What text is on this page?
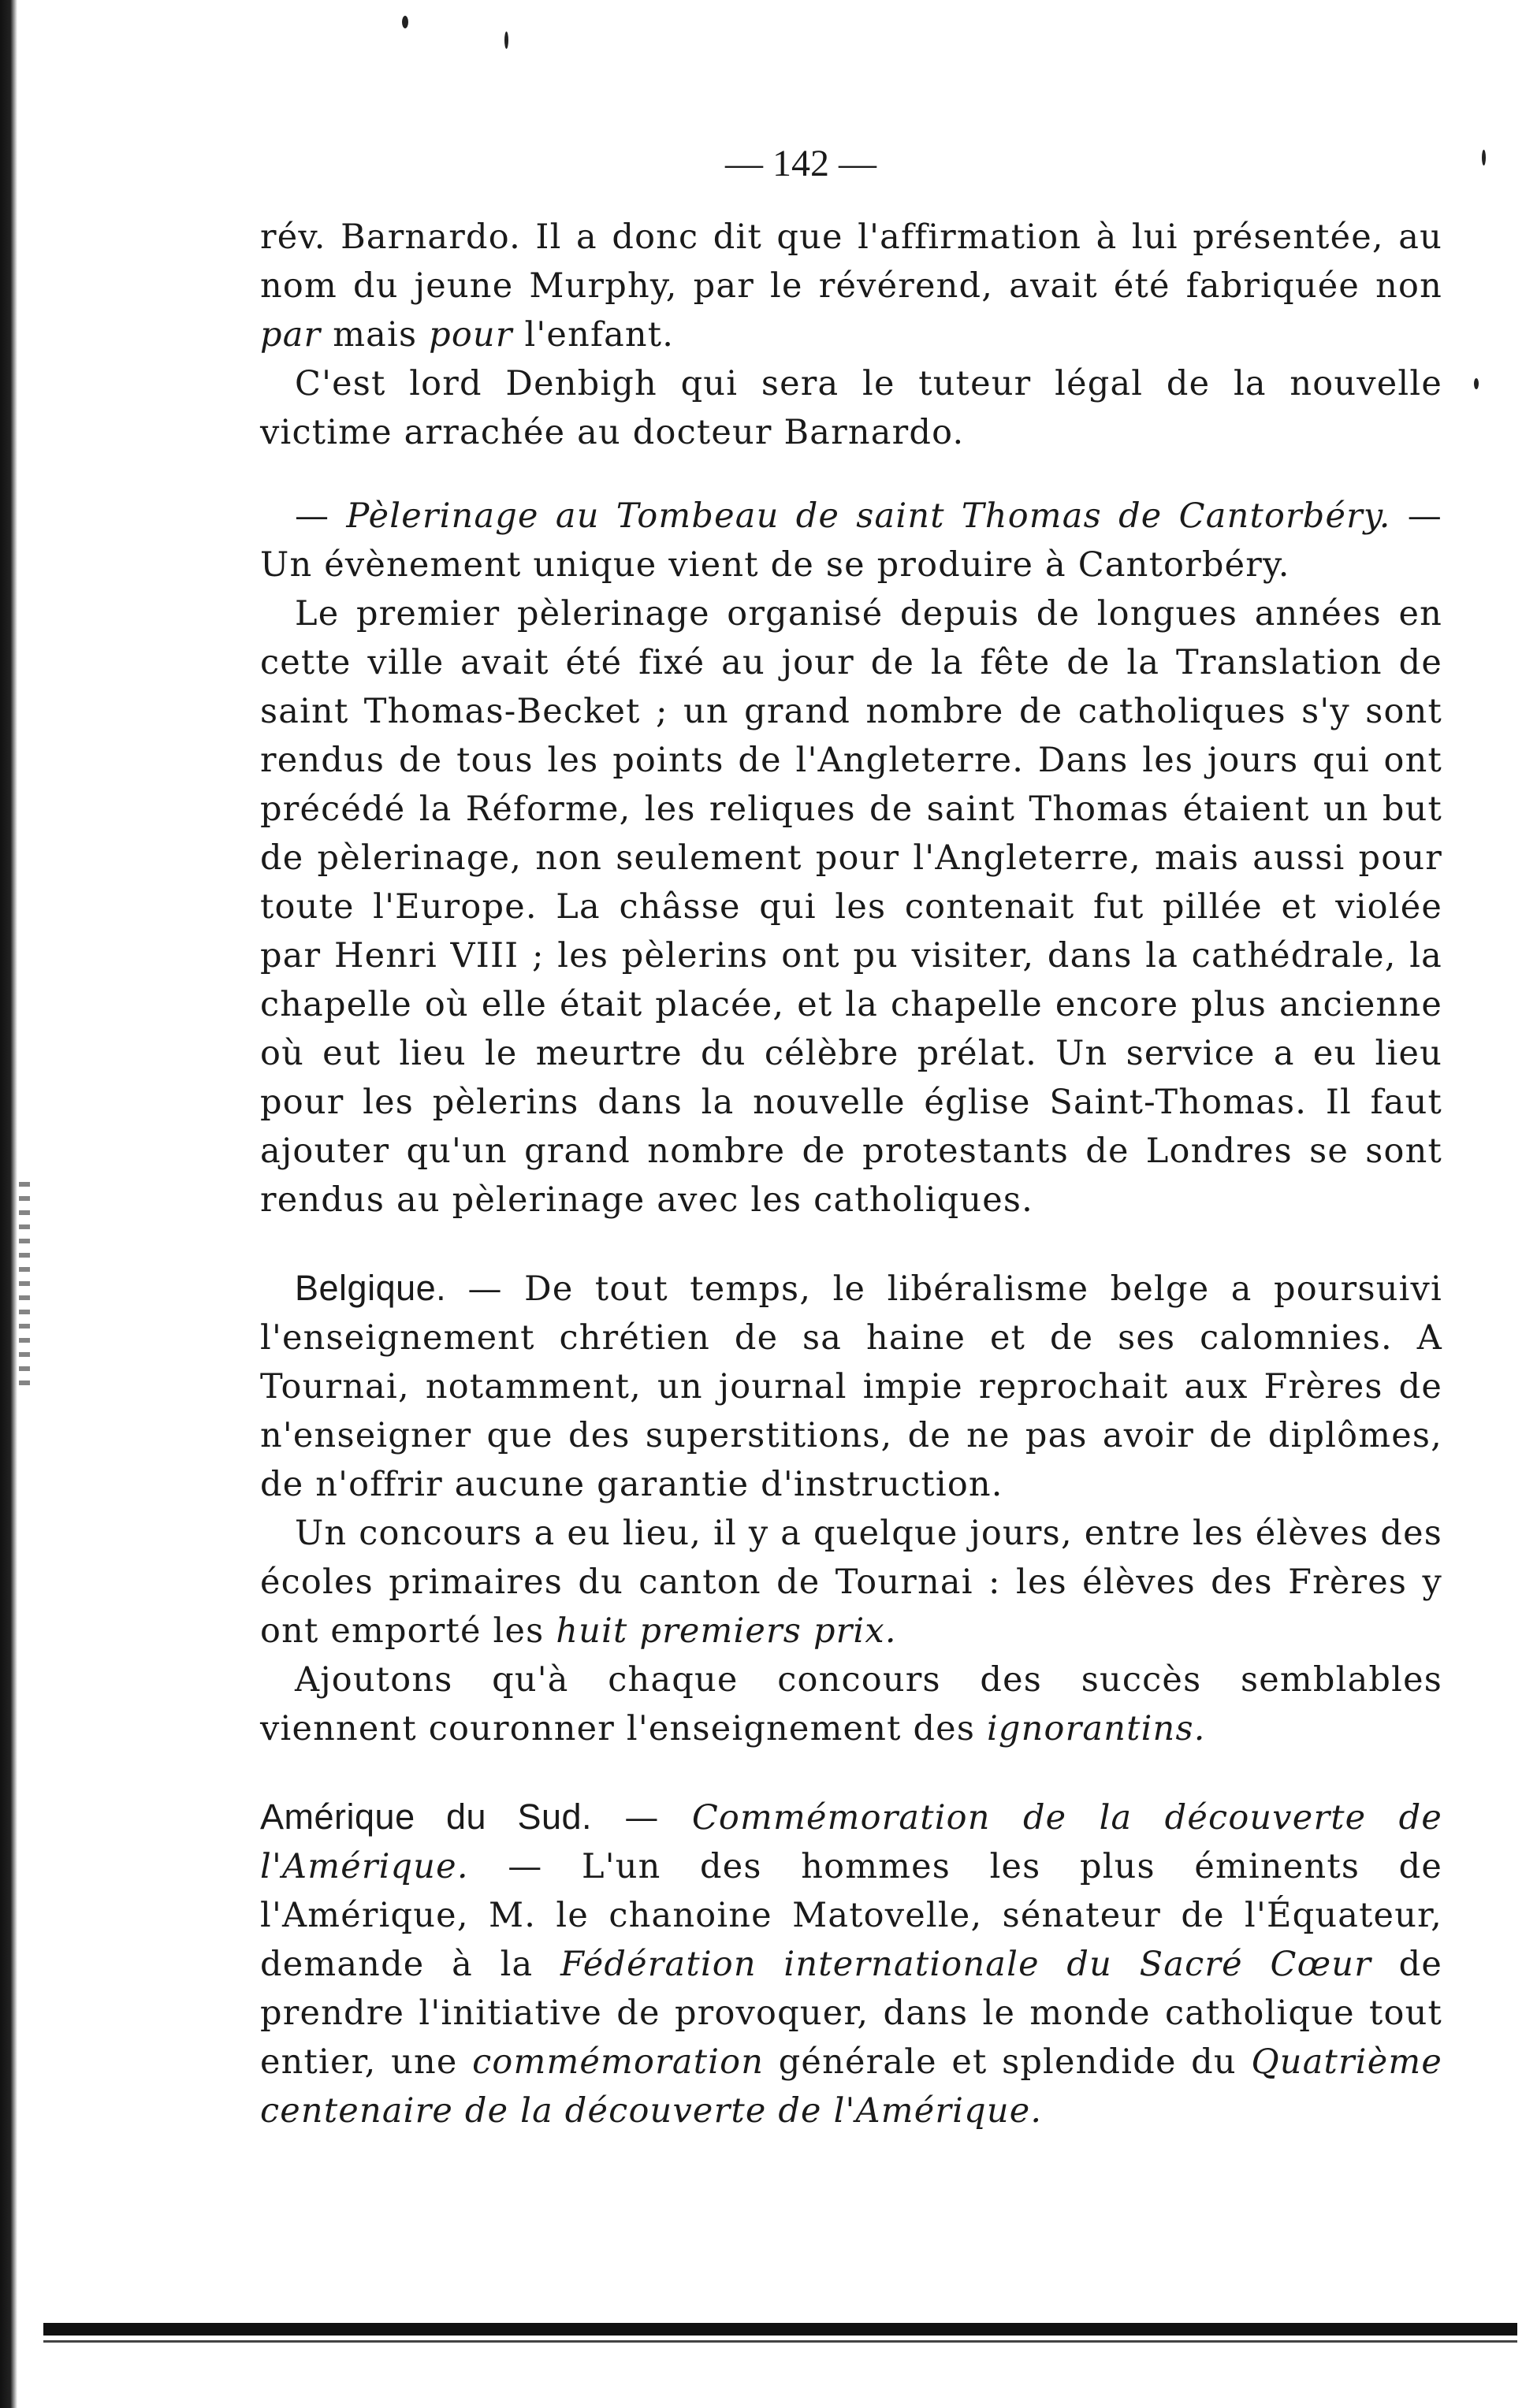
— 142 —

rév. Barnardo. Il a donc dit que l'affirmation à lui présentée, au nom du jeune Murphy, par le révérend, avait été fabriquée non par mais pour l'enfant.

C'est lord Denbigh qui sera le tuteur légal de la nouvelle victime arrachée au docteur Barnardo.

— Pèlerinage au Tombeau de saint Thomas de Cantorbéry. — Un évènement unique vient de se produire à Cantorbéry.

Le premier pèlerinage organisé depuis de longues années en cette ville avait été fixé au jour de la fête de la Translation de saint Thomas-Becket ; un grand nombre de catholiques s'y sont rendus de tous les points de l'Angleterre. Dans les jours qui ont précédé la Réforme, les reliques de saint Thomas étaient un but de pèlerinage, non seulement pour l'Angleterre, mais aussi pour toute l'Europe. La châsse qui les contenait fut pillée et violée par Henri VIII ; les pèlerins ont pu visiter, dans la cathédrale, la chapelle où elle était placée, et la chapelle encore plus ancienne où eut lieu le meurtre du célèbre prélat. Un service a eu lieu pour les pèlerins dans la nouvelle église Saint-Thomas. Il faut ajouter qu'un grand nombre de protestants de Londres se sont rendus au pèlerinage avec les catholiques.

Belgique. — De tout temps, le libéralisme belge a poursuivi l'enseignement chrétien de sa haine et de ses calomnies. A Tournai, notamment, un journal impie reprochait aux Frères de n'enseigner que des superstitions, de ne pas avoir de diplômes, de n'offrir aucune garantie d'instruction.

Un concours a eu lieu, il y a quelque jours, entre les élèves des écoles primaires du canton de Tournai : les élèves des Frères y ont emporté les huit premiers prix.

Ajoutons qu'à chaque concours des succès semblables viennent couronner l'enseignement des ignorantins.

Amérique du Sud. — Commémoration de la découverte de l'Amérique. — L'un des hommes les plus éminents de l'Amérique, M. le chanoine Matovelle, sénateur de l'Équateur, demande à la Fédération internationale du Sacré Cœur de prendre l'initiative de provoquer, dans le monde catholique tout entier, une commémoration générale et splendide du Quatrième centenaire de la découverte de l'Amérique.
